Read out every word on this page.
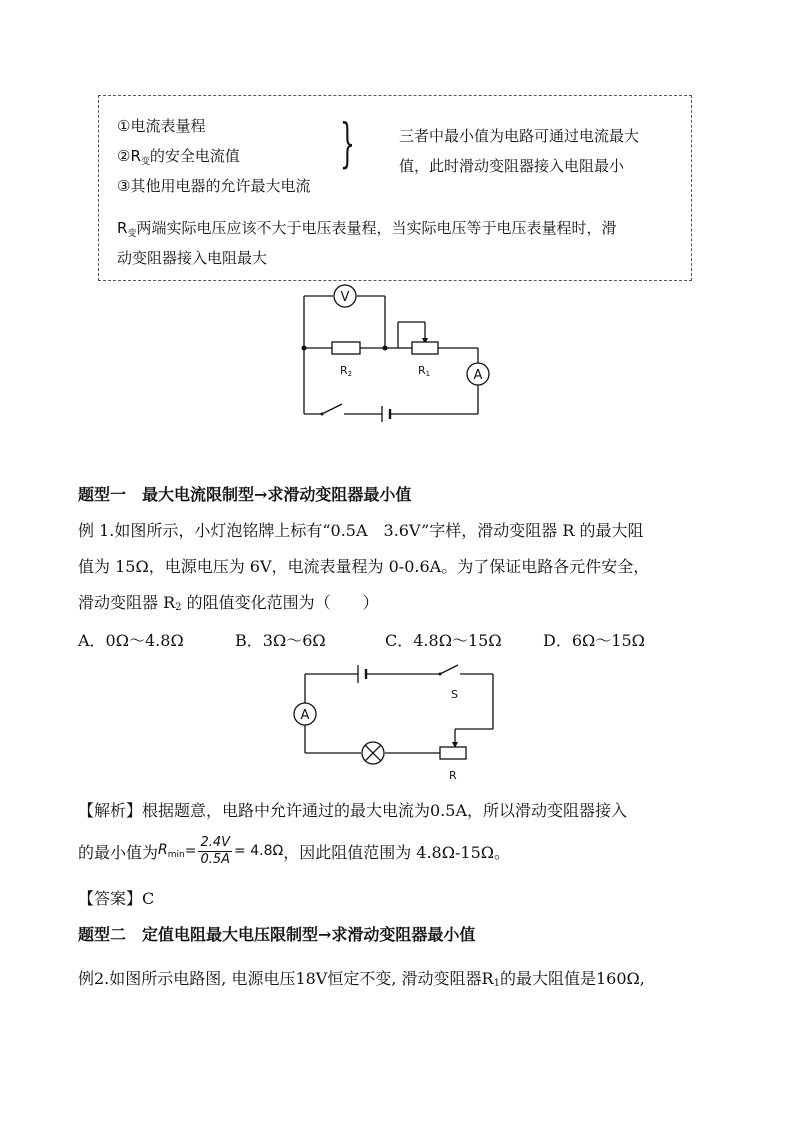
①电流表量程
$②R_变$的安全电流值
③其他用电器的允许最大电流
}	三者中最小值为电路可通过电流最大
值，此时滑动变阻器接入电阻最小
$R_变$两端实际电压应该不大于电压表量程，当实际电压等于电压表量程时，滑
动变阻器接入电阻最大
V
A
R2	R1
题型一　最大电流限制型→求滑动变阻器最小值
例 1.如图所示，小灯泡铭牌上标有“0.5A　3.6V”字样，滑动变阻器 R 的最大阻
值为 15Ω，电源电压为 6V，电流表量程为 0-0.6A。为了保证电路各元件安全，
滑动变阻器 $R_2$ 的阻值变化范围为（　　）
A．0Ω～4.8Ω	B．3Ω～6Ω	C．4.8Ω～15Ω	D．6Ω～15Ω
A
S
R
【解析】根据题意，电路中允许通过的最大电流为0.5A，所以滑动变阻器接入
的最小值为 $R_{min} = \frac{2.4V}{0.5A} = 4.8\Omega$ ，因此阻值范围为 4.8Ω-15Ω。
【答案】C
题型二　定值电阻最大电压限制型→求滑动变阻器最小值
例2.如图所示电路图, 电源电压18V恒定不变, 滑动变阻器$R_1$的最大阻值是160Ω,
